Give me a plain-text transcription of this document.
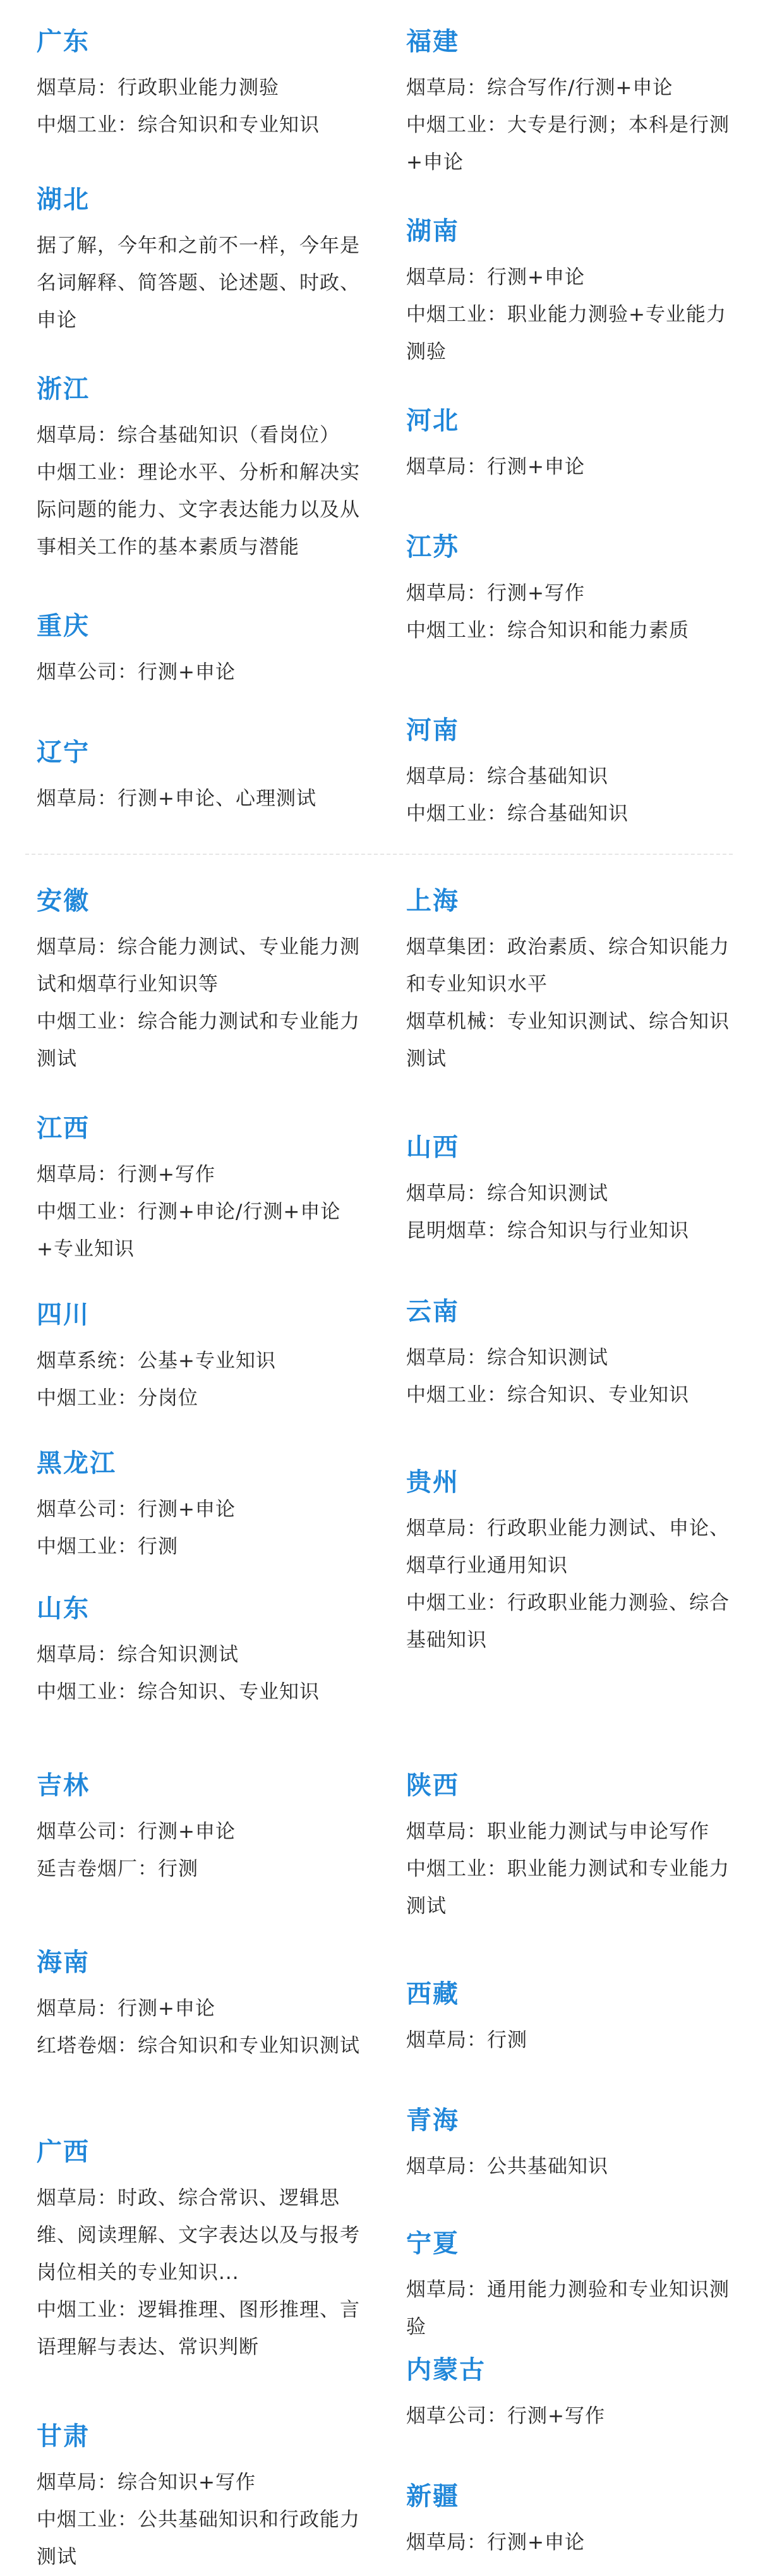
广东

烟草局：行政职业能力测验

中烟工业：综合知识和专业知识

湖北

据了解，今年和之前不一样，今年是名词解释、简答题、论述题、时政、申论

浙江

烟草局：综合基础知识（看岗位）

中烟工业：理论水平、分析和解决实际问题的能力、文字表达能力以及从事相关工作的基本素质与潜能

重庆

烟草公司：行测+申论

辽宁

烟草局：行测+申论、心理测试

安徽

烟草局：综合能力测试、专业能力测试和烟草行业知识等

中烟工业：综合能力测试和专业能力测试

江西

烟草局：行测+写作

中烟工业：行测+申论/行测+申论+专业知识

四川

烟草系统：公基+专业知识

中烟工业：分岗位

黑龙江

烟草公司：行测+申论

中烟工业：行测

山东

烟草局：综合知识测试

中烟工业：综合知识、专业知识

吉林

烟草公司：行测+申论

延吉卷烟厂：行测

海南

烟草局：行测+申论

红塔卷烟：综合知识和专业知识测试

广西

烟草局：时政、综合常识、逻辑思维、阅读理解、文字表达以及与报考岗位相关的专业知识...

中烟工业：逻辑推理、图形推理、言语理解与表达、常识判断

甘肃

烟草局：综合知识+写作

中烟工业：公共基础知识和行政能力测试

福建

烟草局：综合写作/行测+申论

中烟工业：大专是行测；本科是行测+申论

湖南

烟草局：行测+申论

中烟工业：职业能力测验+专业能力测验

河北

烟草局：行测+申论

江苏

烟草局：行测+写作

中烟工业：综合知识和能力素质

河南

烟草局：综合基础知识

中烟工业：综合基础知识

上海

烟草集团：政治素质、综合知识能力和专业知识水平

烟草机械：专业知识测试、综合知识测试

山西

烟草局：综合知识测试

昆明烟草：综合知识与行业知识

云南

烟草局：综合知识测试

中烟工业：综合知识、专业知识

贵州

烟草局：行政职业能力测试、申论、烟草行业通用知识

中烟工业：行政职业能力测验、综合基础知识

陕西

烟草局：职业能力测试与申论写作

中烟工业：职业能力测试和专业能力测试

西藏

烟草局：行测

青海

烟草局：公共基础知识

宁夏

烟草局：通用能力测验和专业知识测验

内蒙古

烟草公司：行测+写作

新疆

烟草局：行测+申论
